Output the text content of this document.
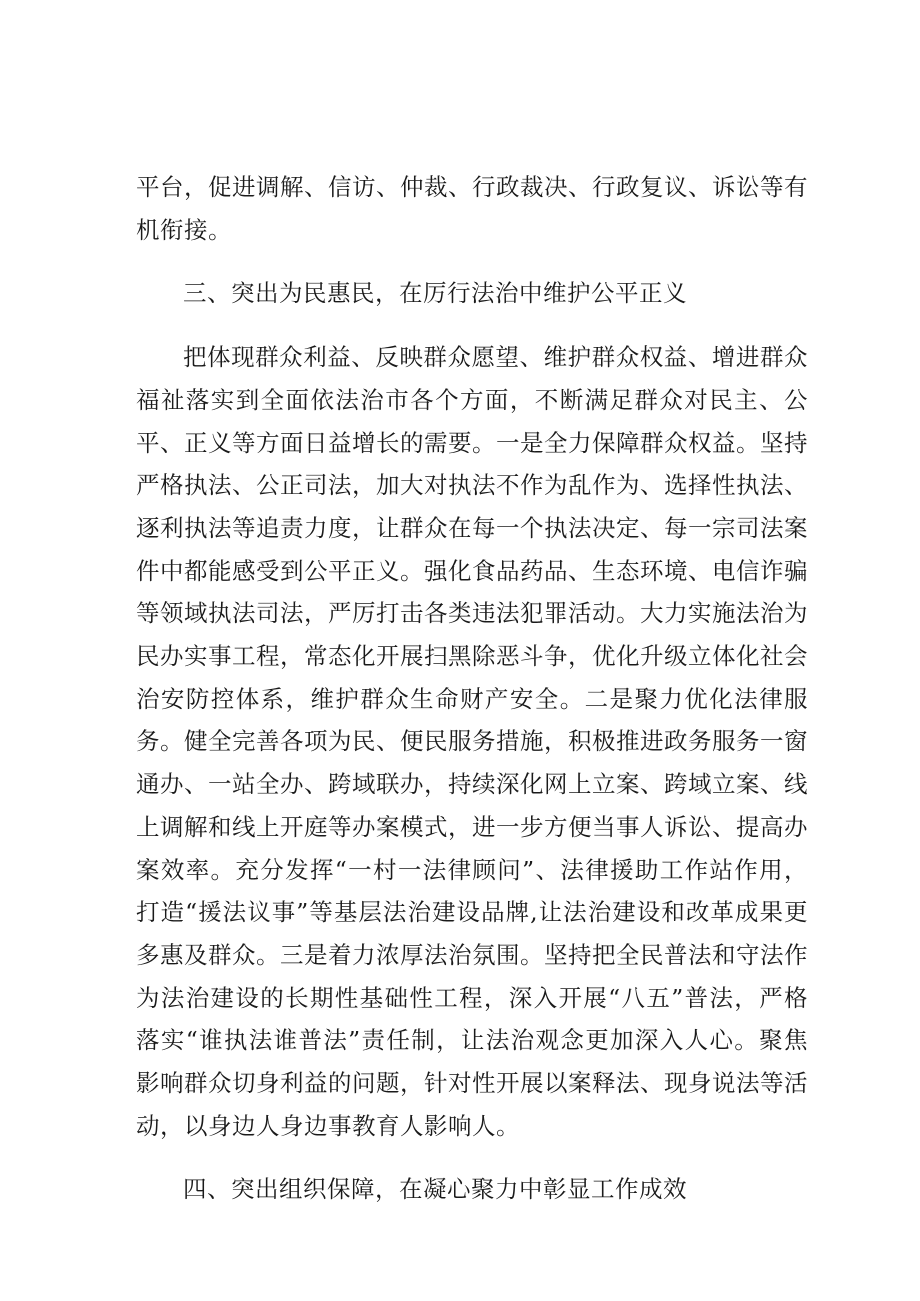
平台，促进调解、信访、仲裁、行政裁决、行政复议、诉讼等有机衔接。

三、突出为民惠民，在厉行法治中维护公平正义

把体现群众利益、反映群众愿望、维护群众权益、增进群众福祉落实到全面依法治市各个方面，不断满足群众对民主、公平、正义等方面日益增长的需要。一是全力保障群众权益。坚持严格执法、公正司法，加大对执法不作为乱作为、选择性执法、逐利执法等追责力度，让群众在每一个执法决定、每一宗司法案件中都能感受到公平正义。强化食品药品、生态环境、电信诈骗等领域执法司法，严厉打击各类违法犯罪活动。大力实施法治为民办实事工程，常态化开展扫黑除恶斗争，优化升级立体化社会治安防控体系，维护群众生命财产安全。二是聚力优化法律服务。健全完善各项为民、便民服务措施，积极推进政务服务一窗通办、一站全办、跨域联办，持续深化网上立案、跨域立案、线上调解和线上开庭等办案模式，进一步方便当事人诉讼、提高办案效率。充分发挥“一村一法律顾问”、法律援助工作站作用，打造“援法议事”等基层法治建设品牌,让法治建设和改革成果更多惠及群众。三是着力浓厚法治氛围。坚持把全民普法和守法作为法治建设的长期性基础性工程，深入开展“八五”普法，严格落实“谁执法谁普法”责任制，让法治观念更加深入人心。聚焦影响群众切身利益的问题，针对性开展以案释法、现身说法等活动，以身边人身边事教育人影响人。

四、突出组织保障，在凝心聚力中彰显工作成效
